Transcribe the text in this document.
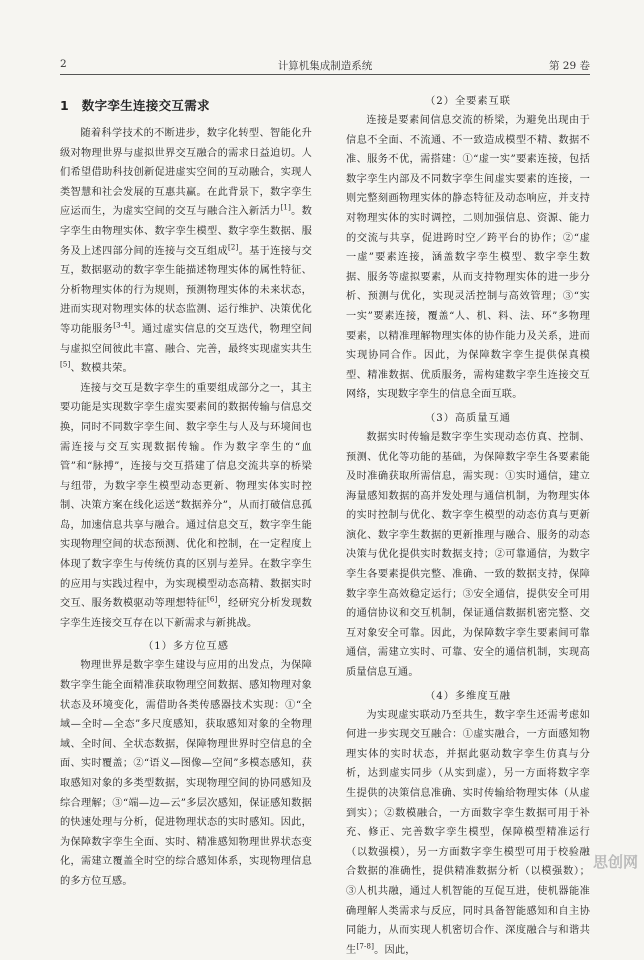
2	计算机集成制造系统	第 29 卷
1　数字孪生连接交互需求

随着科学技术的不断进步，数字化转型、智能化升级对物理世界与虚拟世界交互融合的需求日益迫切。人们希望借助科技创新促进虚实空间的互动融合，实现人类智慧和社会发展的互惠共赢。在此背景下，数字孪生应运而生，为虚实空间的交互与融合注入新活力[1]。数字孪生由物理实体、数字孪生模型、数字孪生数据、服务及上述四部分间的连接与交互组成[2]。基于连接与交互，数据驱动的数字孪生能描述物理实体的属性特征、分析物理实体的行为规则，预测物理实体的未来状态，进而实现对物理实体的状态监测、运行维护、决策优化等功能服务[3-4]。通过虚实信息的交互迭代，物理空间与虚拟空间彼此丰富、融合、完善，最终实现虚实共生[5]、数模共荣。

连接与交互是数字孪生的重要组成部分之一，其主要功能是实现数字孪生虚实要素间的数据传输与信息交换，同时不同数字孪生间、数字孪生与人及与环境间也需连接与交互实现数据传输。作为数字孪生的“血管”和“脉搏”，连接与交互搭建了信息交流共享的桥梁与纽带，为数字孪生模型动态更新、物理实体实时控制、决策方案在线化运送“数据养分”，从而打破信息孤岛，加速信息共享与融合。通过信息交互，数字孪生能实现物理空间的状态预测、优化和控制，在一定程度上体现了数字孪生与传统仿真的区别与差异。在数字孪生的应用与实践过程中，为实现模型动态高精、数据实时交互、服务数模驱动等理想特征[6]，经研究分析发现数字孪生连接交互存在以下新需求与新挑战。

（1）多方位互感

物理世界是数字孪生建设与应用的出发点，为保障数字孪生能全面精准获取物理空间数据、感知物理对象状态及环境变化，需借助各类传感器技术实现：①“全域—全时—全态”多尺度感知，获取感知对象的全物理域、全时间、全状态数据，保障物理世界时空信息的全面、实时覆盖；②“语义—图像—空间”多模态感知，获取感知对象的多类型数据，实现物理空间的协同感知及综合理解；③“端—边—云”多层次感知，保证感知数据的快速处理与分析，促进物理状态的实时感知。因此，为保障数字孪生全面、实时、精准感知物理世界状态变化，需建立覆盖全时空的综合感知体系，实现物理信息的多方位互感。

（2）全要素互联

连接是要素间信息交流的桥梁，为避免出现由于信息不全面、不流通、不一致造成模型不精、数据不准、服务不优，需搭建：①“虚一实”要素连接，包括数字孪生内部及不同数字孪生间虚实要素的连接，一则完整刻画物理实体的静态特征及动态响应，并支持对物理实体的实时调控，二则加强信息、资源、能力的交流与共享，促进跨时空／跨平台的协作；②“虚一虚”要素连接，涵盖数字孪生模型、数字孪生数据、服务等虚拟要素，从而支持物理实体的进一步分析、预测与优化，实现灵活控制与高效管理；③“实一实”要素连接，覆盖“人、机、料、法、环”多物理要素，以精准理解物理实体的协作能力及关系，进而实现协同合作。因此，为保障数字孪生提供保真模型、精准数据、优质服务，需构建数字孪生连接交互网络，实现数字孪生的信息全面互联。

（3）高质量互通

数据实时传输是数字孪生实现动态仿真、控制、预测、优化等功能的基础，为保障数字孪生各要素能及时准确获取所需信息，需实现：①实时通信，建立海量感知数据的高并发处理与通信机制，为物理实体的实时控制与优化、数字孪生模型的动态仿真与更新演化、数字孪生数据的更新推理与融合、服务的动态决策与优化提供实时数据支持；②可靠通信，为数字孪生各要素提供完整、准确、一致的数据支持，保障数字孪生高效稳定运行；③安全通信，提供安全可用的通信协议和交互机制，保证通信数据机密完整、交互对象安全可靠。因此，为保障数字孪生要素间可靠通信，需建立实时、可靠、安全的通信机制，实现高质量信息互通。

（4）多维度互融

为实现虚实联动乃至共生，数字孪生还需考虑如何进一步实现交互融合：①虚实融合，一方面感知物理实体的实时状态，并据此驱动数字孪生仿真与分析，达到虚实同步（从实到虚），另一方面将数字孪生提供的决策信息准确、实时传输给物理实体（从虚到实）；②数模融合，一方面数字孪生数据可用于补充、修正、完善数字孪生模型，保障模型精准运行（以数强模），另一方面数字孪生模型可用于校验融合数据的准确性，提供精准数据分析（以模强数）；③人机共融，通过人机智能的互促互进，使机器能准确理解人类需求与反应，同时具备智能感知和自主协同能力，从而实现人机密切合作、深度融合与和谐共生[7-8]。因此，

思创网
